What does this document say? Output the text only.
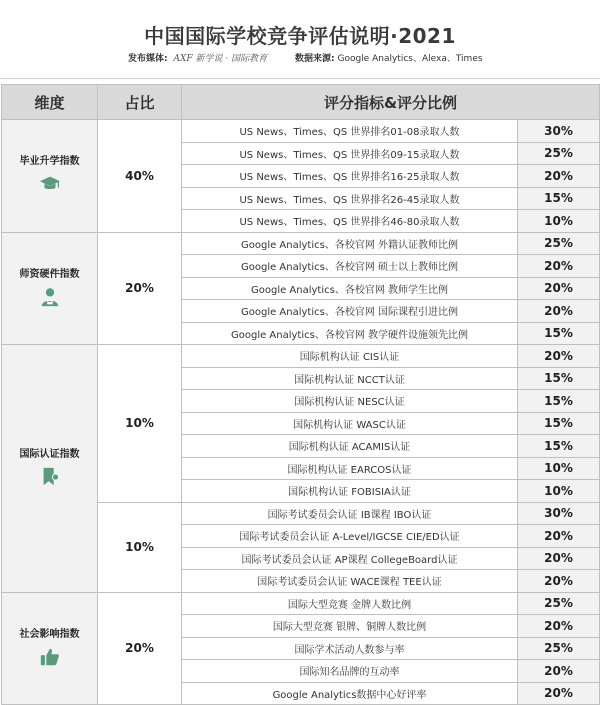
中国国际学校竞争评估说明·2021
发布媒体: AXF 新学说 · 国际教育	数据来源: Google Analytics、Alexa、Times
维度	占比	评分指标&评分比例	

毕业升学指数	40%	US News、Times、QS 世界排名01-08录取人数	30%
		US News、Times、QS 世界排名09-15录取人数	25%
		US News、Times、QS 世界排名16-25录取人数	20%
		US News、Times、QS 世界排名26-45录取人数	15%
		US News、Times、QS 世界排名46-80录取人数	10%

师资硬件指数	20%	Google Analytics、各校官网 外籍认证教师比例	25%
		Google Analytics、各校官网 硕士以上教师比例	20%
		Google Analytics、各校官网 教师学生比例	20%
		Google Analytics、各校官网 国际课程引进比例	20%
		Google Analytics、各校官网 教学硬件设施领先比例	15%

国际认证指数	10%	国际机构认证 CIS认证	20%
		国际机构认证 NCCT认证	15%
		国际机构认证 NESC认证	15%
		国际机构认证 WASC认证	15%
		国际机构认证 ACAMIS认证	15%
		国际机构认证 EARCOS认证	10%
		国际机构认证 FOBISIA认证	10%
	10%	国际考试委员会认证 IB课程 IBO认证	30%
		国际考试委员会认证 A-Level/IGCSE CIE/ED认证	20%
		国际考试委员会认证 AP课程 CollegeBoard认证	20%
		国际考试委员会认证 WACE课程 TEE认证	20%

社会影响指数	20%	国际大型竞赛 金牌人数比例	25%
		国际大型竞赛 银牌、铜牌人数比例	20%
		国际学术活动人数参与率	25%
		国际知名品牌的互动率	20%
		Google Analytics数据中心好评率	20%
